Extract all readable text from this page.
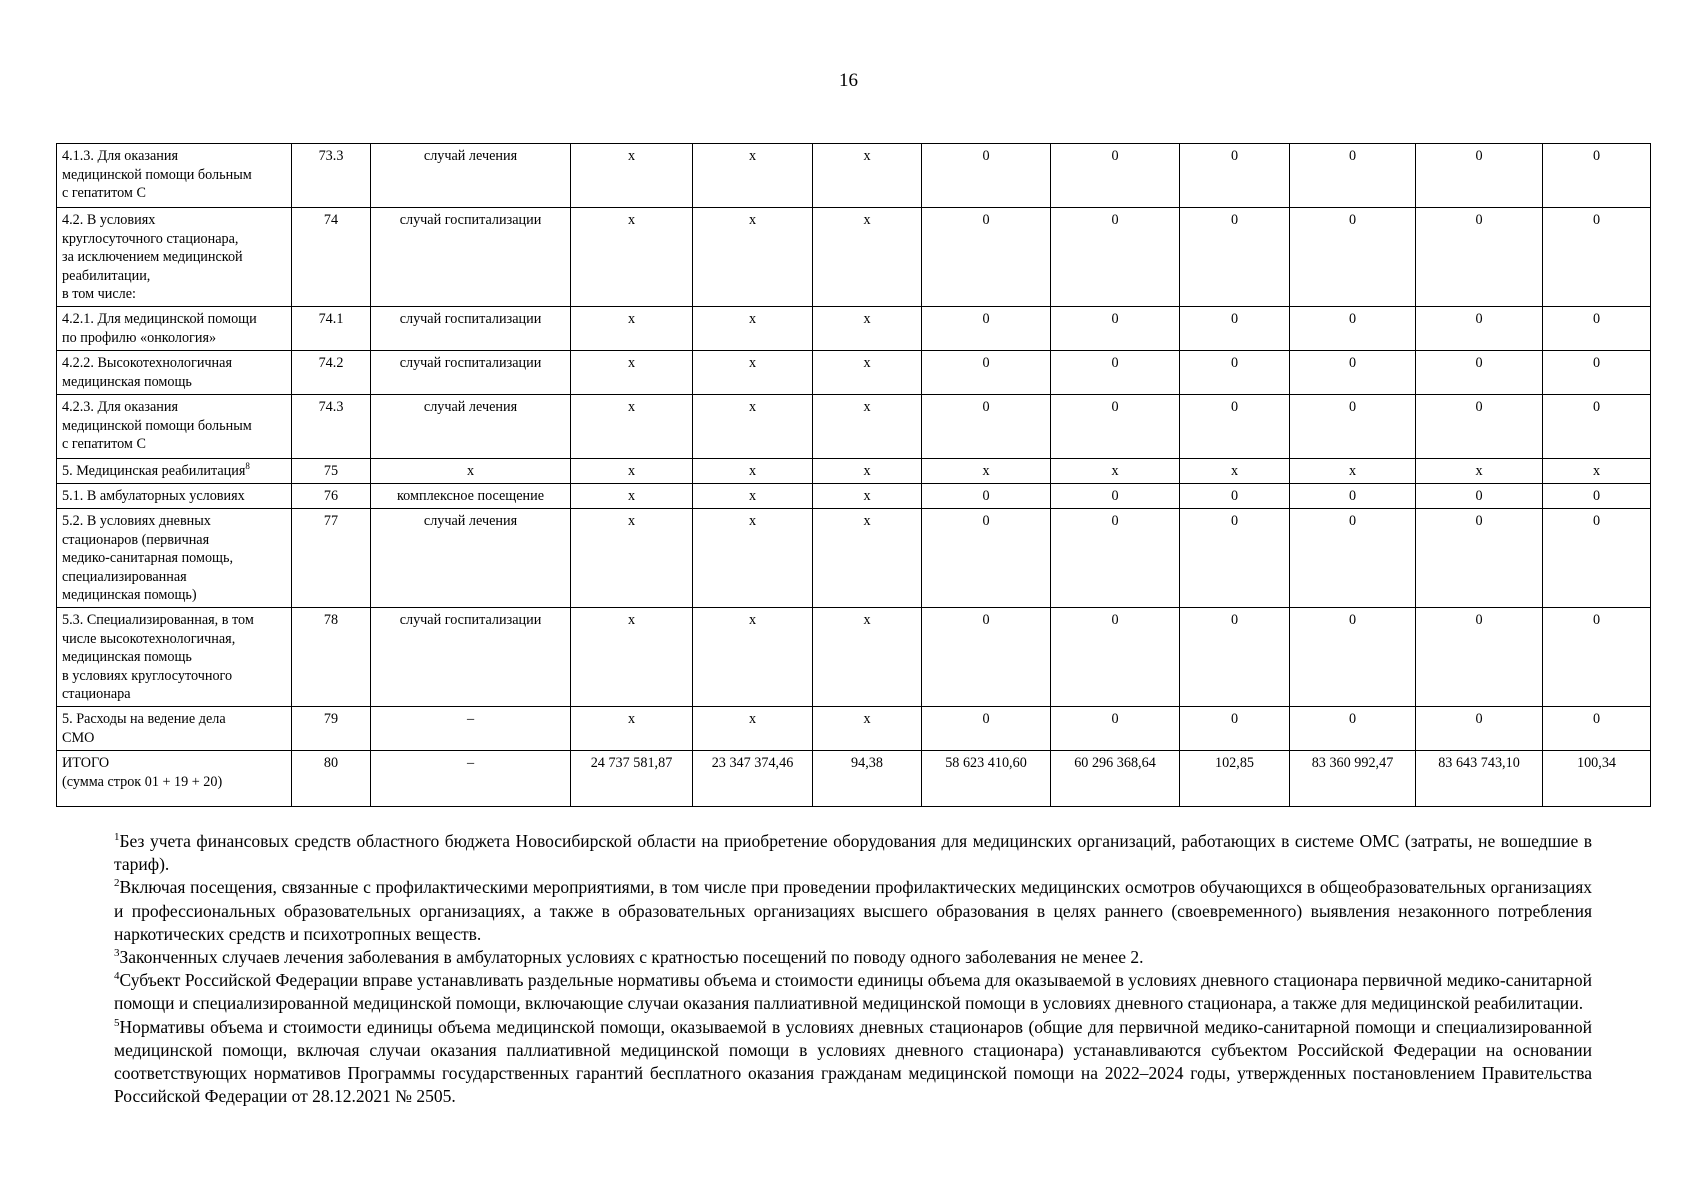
16
4.1.3. Для оказания
медицинской помощи больным
с гепатитом С	73.3	случай лечения	х	х	х	0	0	0	0	0	0
4.2. В условиях
круглосуточного стационара,
за исключением медицинской
реабилитации,
в том числе:	74	случай госпитализации	х	х	х	0	0	0	0	0	0
4.2.1. Для медицинской помощи
по профилю «онкология»	74.1	случай госпитализации	х	х	х	0	0	0	0	0	0
4.2.2. Высокотехнологичная
медицинская помощь	74.2	случай госпитализации	х	х	х	0	0	0	0	0	0
4.2.3. Для оказания
медицинской помощи больным
с гепатитом С	74.3	случай лечения	х	х	х	0	0	0	0	0	0
5. Медицинская реабилитация$^8$	75	х	х	х	х	х	х	х	х	х	х
5.1. В амбулаторных условиях	76	комплексное посещение	х	х	х	0	0	0	0	0	0
5.2. В условиях дневных
стационаров (первичная
медико-санитарная помощь,
специализированная
медицинская помощь)	77	случай лечения	х	х	х	0	0	0	0	0	0
5.3. Специализированная, в том
числе высокотехнологичная,
медицинская помощь
в условиях круглосуточного
стационара	78	случай госпитализации	х	х	х	0	0	0	0	0	0
5. Расходы на ведение дела
СМО	79	–	х	х	х	0	0	0	0	0	0
ИТОГО
(сумма строк 01 + 19 + 20)	80	–	24 737 581,87	23 347 374,46	94,38	58 623 410,60	60 296 368,64	102,85	83 360 992,47	83 643 743,10	100,34

$^1$Без учета финансовых средств областного бюджета Новосибирской области на приобретение оборудования для медицинских организаций, работающих в системе ОМС (затраты, не вошедшие в тариф).

$^2$Включая посещения, связанные с профилактическими мероприятиями, в том числе при проведении профилактических медицинских осмотров обучающихся в общеобразовательных организациях и профессиональных образовательных организациях, а также в образовательных организациях высшего образования в целях раннего (своевременного) выявления незаконного потребления наркотических средств и психотропных веществ.

$^3$Законченных случаев лечения заболевания в амбулаторных условиях с кратностью посещений по поводу одного заболевания не менее 2.

$^4$Субъект Российской Федерации вправе устанавливать раздельные нормативы объема и стоимости единицы объема для оказываемой в условиях дневного стационара первичной медико-санитарной помощи и специализированной медицинской помощи, включающие случаи оказания паллиативной медицинской помощи в условиях дневного стационара, а также для медицинской реабилитации.

$^5$Нормативы объема и стоимости единицы объема медицинской помощи, оказываемой в условиях дневных стационаров (общие для первичной медико-санитарной помощи и специализированной медицинской помощи, включая случаи оказания паллиативной медицинской помощи в условиях дневного стационара) устанавливаются субъектом Российской Федерации на основании соответствующих нормативов Программы государственных гарантий бесплатного оказания гражданам медицинской помощи на 2022–2024 годы, утвержденных постановлением Правительства Российской Федерации от 28.12.2021 № 2505.
